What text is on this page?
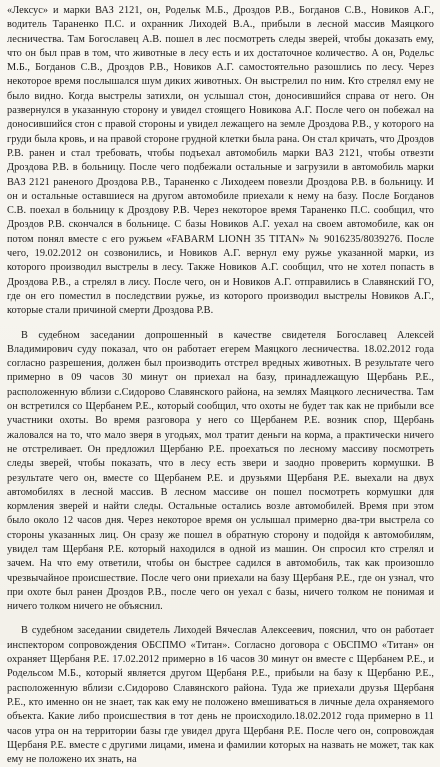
«Лексус» и марки ВАЗ 2121, он, Родельк М.Б., Дроздов Р.В., Богданов С.В., Новиков А.Г., водитель Тараненко П.С. и охранник Лиходей В.А., прибыли в лесной массив Маяцкого лесничества. Там Богославец А.В. пошел в лес посмотреть следы зверей, чтобы доказать ему, что он был прав в том, что животные в лесу есть и их достаточное количество. А он, Родельс М.Б., Богданов С.В., Дроздов Р.В., Новиков А.Г. самостоятельно разошлись по лесу. Через некоторое время послышался шум диких животных. Он выстрелил по ним. Кто стрелял ему не было видно. Когда выстрелы затихли, он услышал стон, доносившийся справа от него. Он развернулся в указанную сторону и увидел стоящего Новикова А.Г. После чего он побежал на доносившийся стон с правой стороны и увидел лежащего на земле Дроздова Р.В., у которого на груди была кровь, и на правой стороне грудной клетки была рана. Он стал кричать, что Дроздов Р.В. ранен и стал требовать, чтобы подъехал автомобиль марки ВАЗ 2121, чтобы отвезти Дроздова Р.В. в больницу. После чего подбежали остальные и загрузили в автомобиль марки ВАЗ 2121 раненого Дроздова Р.В., Тараненко с Лиходеем повезли Дроздова Р.В. в больницу. И он и остальные оставшиеся на другом автомобиле приехали к нему на базу. После Богданов С.В. поехал в больницу к Дроздову Р.В. Через некоторое время Тараненко П.С. сообщил, что Дроздов Р.В. скончался в больнице. С базы Новиков А.Г. уехал на своем автомобиле, как он потом понял вместе с его ружьем «FABARM LIONH 35 TITAN» № 9016235/8039276. После чего, 19.02.2012 он созвонились, и Новиков А.Г. вернул ему ружье указанной марки, из которого производил выстрелы в лесу. Также Новиков А.Г. сообщил, что не хотел попасть в Дроздова Р.В., а стрелял в лису. После чего, он и Новиков А.Г. отправились в Славянский ГО, где он его поместил в последствии ружье, из которого производил выстрелы Новиков А.Г., которые стали причиной смерти Дроздова Р.В.

В судебном заседании допрошенный в качестве свидетеля Богославец Алексей Владимирович суду показал, что он работает егерем Маяцкого лесничества. 18.02.2012 года согласно разрешения, должен был производить отстрел вредных животных. В результате чего примерно в 09 часов 30 минут он приехал на базу, принадлежащую Щербань Р.Е., расположенную вблизи с.Сидорово Славянского района, на землях Маяцкого лесничества. Там он встретился со Щербанем Р.Е., который сообщил, что охоты не будет так как не прибыли все участники охоты. Во время разговора у него со Щербанем Р.Е. возник спор, Щербань жаловался на то, что мало зверя в угодьях, мол тратит деньги на корма, а практически ничего не отстреливает. Он предложил Щербаню Р.Е. проехаться по лесному массиву посмотреть следы зверей, чтобы показать, что в лесу есть звери и заодно проверить кормушки. В результате чего он, вместе со Щербанем Р.Е. и друзьями Щербаня Р.Е. выехали на двух автомобилях в лесной массив. В лесном массиве он пошел посмотреть кормушки для кормления зверей и найти следы. Остальные остались возле автомобилей. Время при этом было около 12 часов дня. Через некоторое время он услышал примерно два-три выстрела со стороны указанных лиц. Он сразу же пошел в обратную сторону и подойдя к автомобилям, увидел там Щербаня Р.Е. который находился в одной из машин. Он спросил кто стрелял и зачем. На что ему ответили, чтобы он быстрее садился в автомобиль, так как произошло чрезвычайное происшествие. После чего они приехали на базу Щербаня Р.Е., где он узнал, что при охоте был ранен Дроздов Р.В., после чего он уехал с базы, ничего толком не понимая и ничего толком ничего не объяснил.

В судебном заседании свидетель Лиходей Вячеслав Алексеевич, пояснил, что он работает инспектором сопровождения ОБСПМО «Титан». Согласно договора с ОБСПМО «Титан» он охраняет Щербаня Р.Е. 17.02.2012 примерно в 16 часов 30 минут он вместе с Щербанем Р.Е., и Родельсом М.Б., который является другом Щербаня Р.Е., прибыли на базу к Щербаню Р.Е., расположенную вблизи с.Сидорово Славянского района. Туда же приехали друзья Щербаня Р.Е., кто именно он не знает, так как ему не положено вмешиваться в личные дела охраняемого объекта. Какие либо происшествия в тот день не происходило.18.02.2012 года примерно в 11 часов утра он на территории базы где увидел друга Щербаня Р.Е. После чего он, сопровождая Щербаня Р.Е. вместе с другими лицами, имена и фамилии которых на назвать не может, так как ему не положено их знать, на
